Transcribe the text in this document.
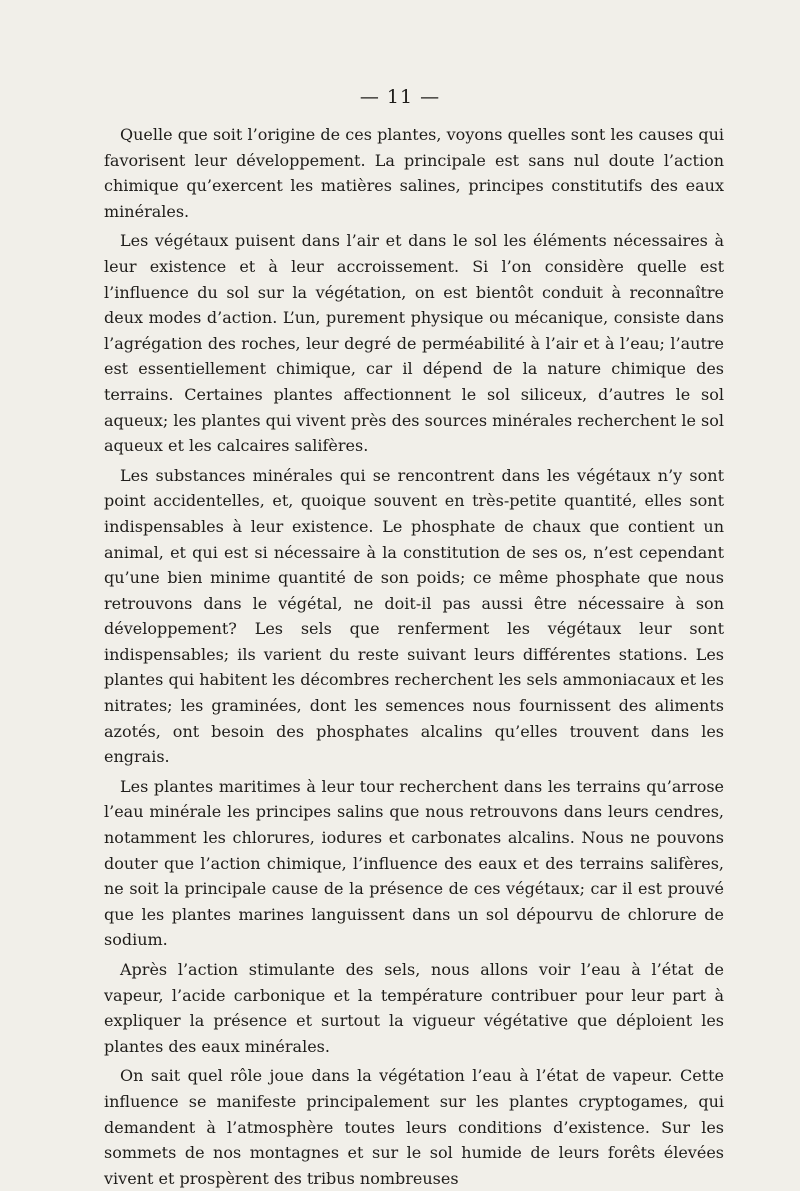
— 11 —

Quelle que soit l’origine de ces plantes, voyons quelles sont les causes qui favorisent leur développement. La principale est sans nul doute l’action chimique qu’exercent les matières salines, principes constitutifs des eaux minérales.

Les végétaux puisent dans l’air et dans le sol les éléments nécessaires à leur existence et à leur accroissement. Si l’on considère quelle est l’influence du sol sur la végétation, on est bientôt conduit à reconnaître deux modes d’action. L’un, purement physique ou mécanique, consiste dans l’agrégation des roches, leur degré de perméabilité à l’air et à l’eau; l’autre est essentiellement chimique, car il dépend de la nature chimique des terrains. Certaines plantes affectionnent le sol siliceux, d’autres le sol aqueux; les plantes qui vivent près des sources minérales recherchent le sol aqueux et les calcaires salifères.

Les substances minérales qui se rencontrent dans les végétaux n’y sont point accidentelles, et, quoique souvent en très-petite quantité, elles sont indispensables à leur existence. Le phosphate de chaux que contient un animal, et qui est si nécessaire à la constitution de ses os, n’est cependant qu’une bien minime quantité de son poids; ce même phosphate que nous retrouvons dans le végétal, ne doit-il pas aussi être nécessaire à son développement? Les sels que renferment les végétaux leur sont indispensables; ils varient du reste suivant leurs différentes stations. Les plantes qui habitent les décombres recherchent les sels ammoniacaux et les nitrates; les graminées, dont les semences nous fournissent des aliments azotés, ont besoin des phosphates alcalins qu’elles trouvent dans les engrais.

Les plantes maritimes à leur tour recherchent dans les terrains qu’arrose l’eau minérale les principes salins que nous retrouvons dans leurs cendres, notamment les chlorures, iodures et carbonates alcalins. Nous ne pouvons douter que l’action chimique, l’influence des eaux et des terrains salifères, ne soit la principale cause de la présence de ces végétaux; car il est prouvé que les plantes marines languissent dans un sol dépourvu de chlorure de sodium.

Après l’action stimulante des sels, nous allons voir l’eau à l’état de vapeur, l’acide carbonique et la température contribuer pour leur part à expliquer la présence et surtout la vigueur végétative que déploient les plantes des eaux minérales.

On sait quel rôle joue dans la végétation l’eau à l’état de vapeur. Cette influence se manifeste principalement sur les plantes cryptogames, qui demandent à l’atmosphère toutes leurs conditions d’existence. Sur les sommets de nos montagnes et sur le sol humide de leurs forêts élevées vivent et prospèrent des tribus nombreuses
